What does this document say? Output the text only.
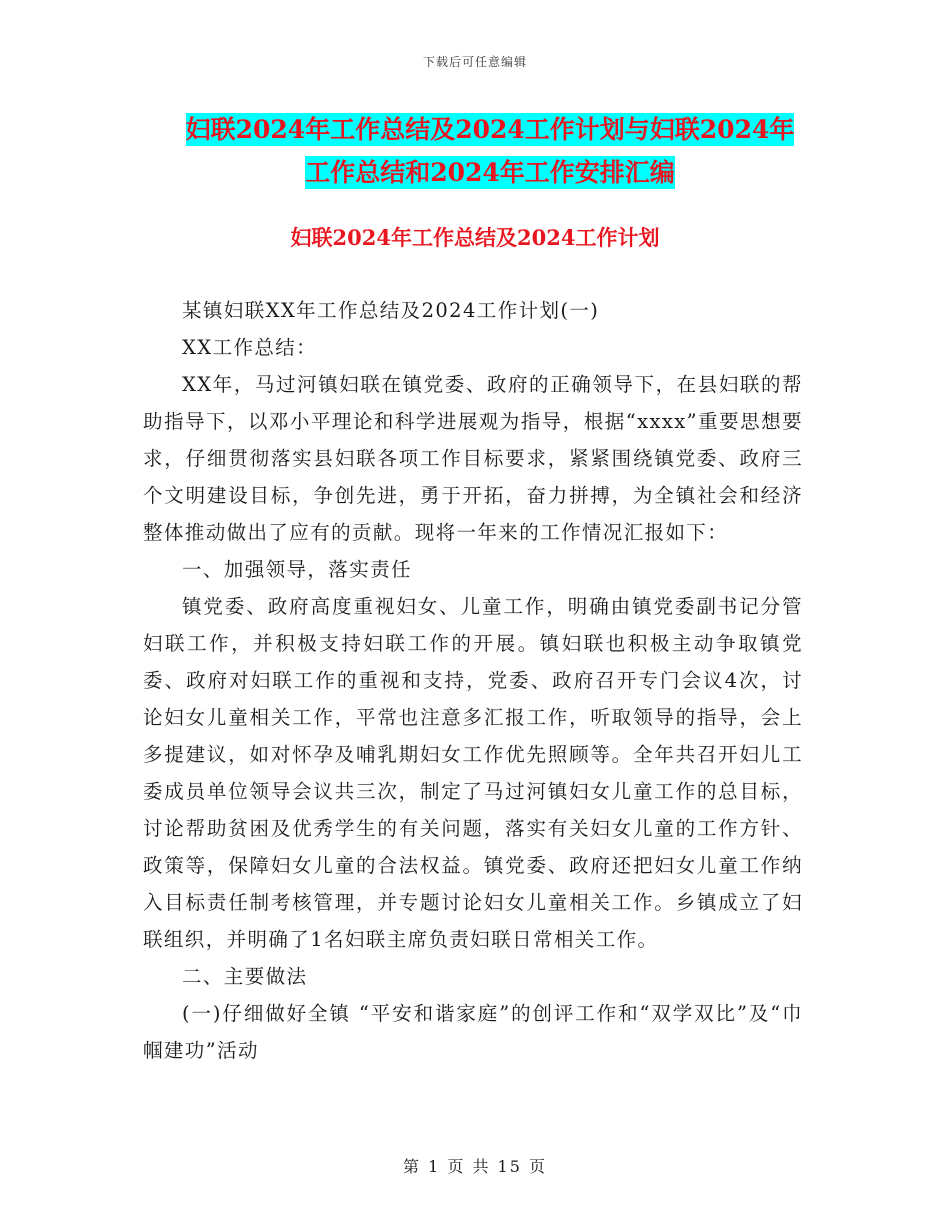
下载后可任意编辑
妇联2024年工作总结及2024工作计划与妇联2024年
工作总结和2024年工作安排汇编
妇联2024年工作总结及2024工作计划

某镇妇联XX年工作总结及2024工作计划(一)

XX工作总结：

XX年，马过河镇妇联在镇党委、政府的正确领导下，在县妇联的帮助指导下，以邓小平理论和科学进展观为指导，根据“xxxx”重要思想要求，仔细贯彻落实县妇联各项工作目标要求，紧紧围绕镇党委、政府三个文明建设目标，争创先进，勇于开拓，奋力拼搏，为全镇社会和经济整体推动做出了应有的贡献。现将一年来的工作情况汇报如下：

一、加强领导，落实责任

镇党委、政府高度重视妇女、儿童工作，明确由镇党委副书记分管妇联工作，并积极支持妇联工作的开展。镇妇联也积极主动争取镇党委、政府对妇联工作的重视和支持，党委、政府召开专门会议4次，讨论妇女儿童相关工作，平常也注意多汇报工作，听取领导的指导，会上多提建议，如对怀孕及哺乳期妇女工作优先照顾等。全年共召开妇儿工委成员单位领导会议共三次，制定了马过河镇妇女儿童工作的总目标，讨论帮助贫困及优秀学生的有关问题，落实有关妇女儿童的工作方针、政策等，保障妇女儿童的合法权益。镇党委、政府还把妇女儿童工作纳入目标责任制考核管理，并专题讨论妇女儿童相关工作。乡镇成立了妇联组织，并明确了1名妇联主席负责妇联日常相关工作。

二、主要做法

(一)仔细做好全镇 “平安和谐家庭”的创评工作和“双学双比”及“巾帼建功”活动

第 1 页 共 15 页
